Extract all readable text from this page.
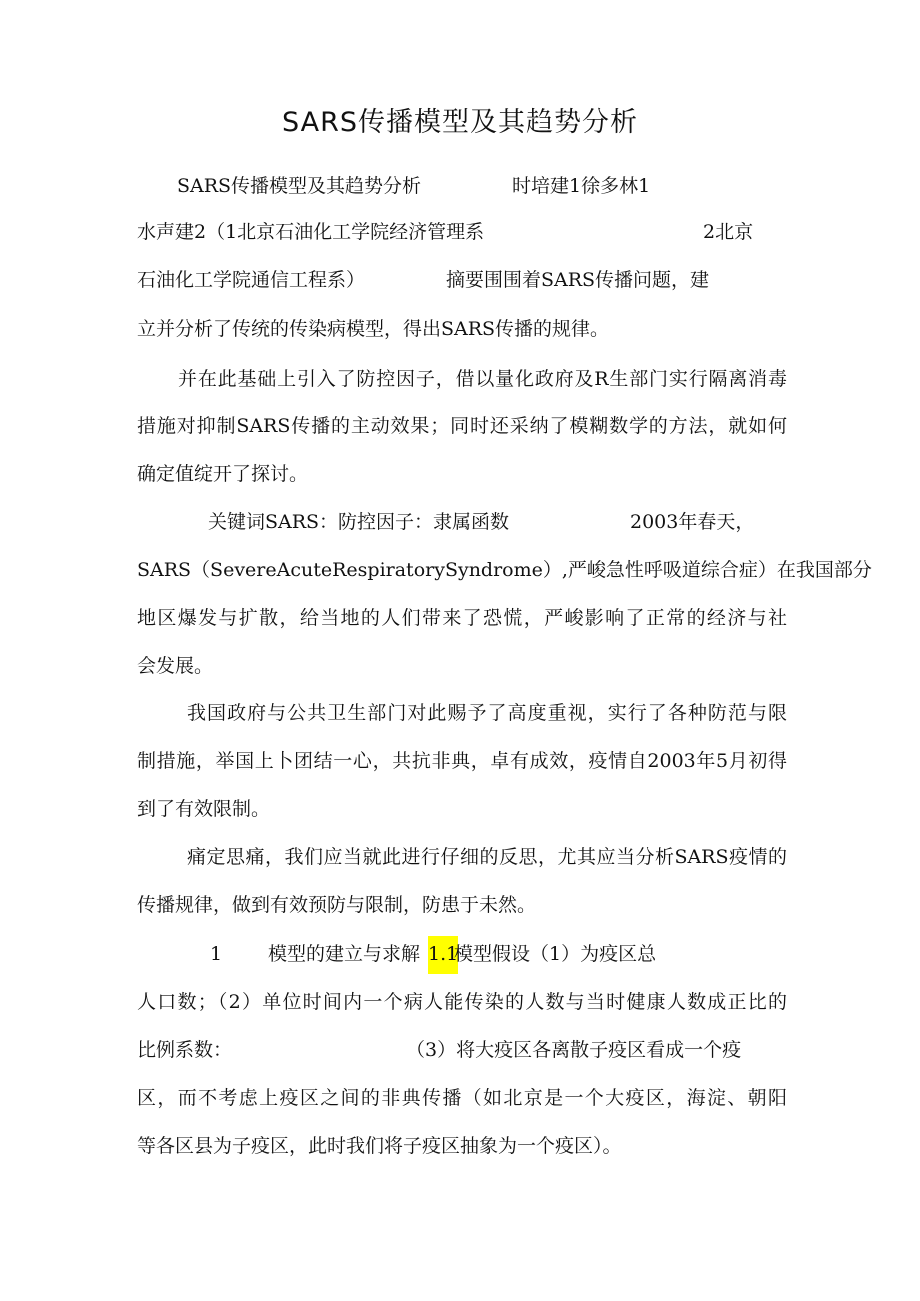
SARS传播模型及其趋势分析
SARS传播模型及其趋势分析	时培建1徐多林1
水声建2（1北京石油化工学院经济管理系	2北京
石油化工学院通信工程系）	摘要围围着SARS传播问题，建
立并分析了传统的传染病模型，得出SARS传播的规律。
并在此基础上引入了防控因子，借以量化政府及R生部门实行隔离消毒
措施对抑制SARS传播的主动效果；同时还采纳了模糊数学的方法，就如何
确定值绽开了探讨。
关键词SARS：防控因子：隶属函数	2003年春天，
SARS（SevereAcuteRespiratorySyndrome）,严峻急性呼吸道综合症）在我国部分
地区爆发与扩散，给当地的人们带来了恐慌，严峻影响了正常的经济与社
会发展。
我国政府与公共卫生部门对此赐予了高度重视，实行了各种防范与限
制措施，举国上卜团结一心，共抗非典，卓有成效，疫情自2003年5月初得
到了有效限制。
痛定思痛，我们应当就此进行仔细的反思，尤其应当分析SARS疫情的
传播规律，做到有效预防与限制，防患于未然。
1 模型的建立与求解 1.1
模型假设（1）为疫区总
人口数；（2）单位时间内一个病人能传染的人数与当时健康人数成正比的
比例系数：	（3）将大疫区各离散子疫区看成一个疫
区，而不考虑上疫区之间的非典传播（如北京是一个大疫区，海淀、朝阳
等各区县为子疫区，此时我们将子疫区抽象为一个疫区）。
